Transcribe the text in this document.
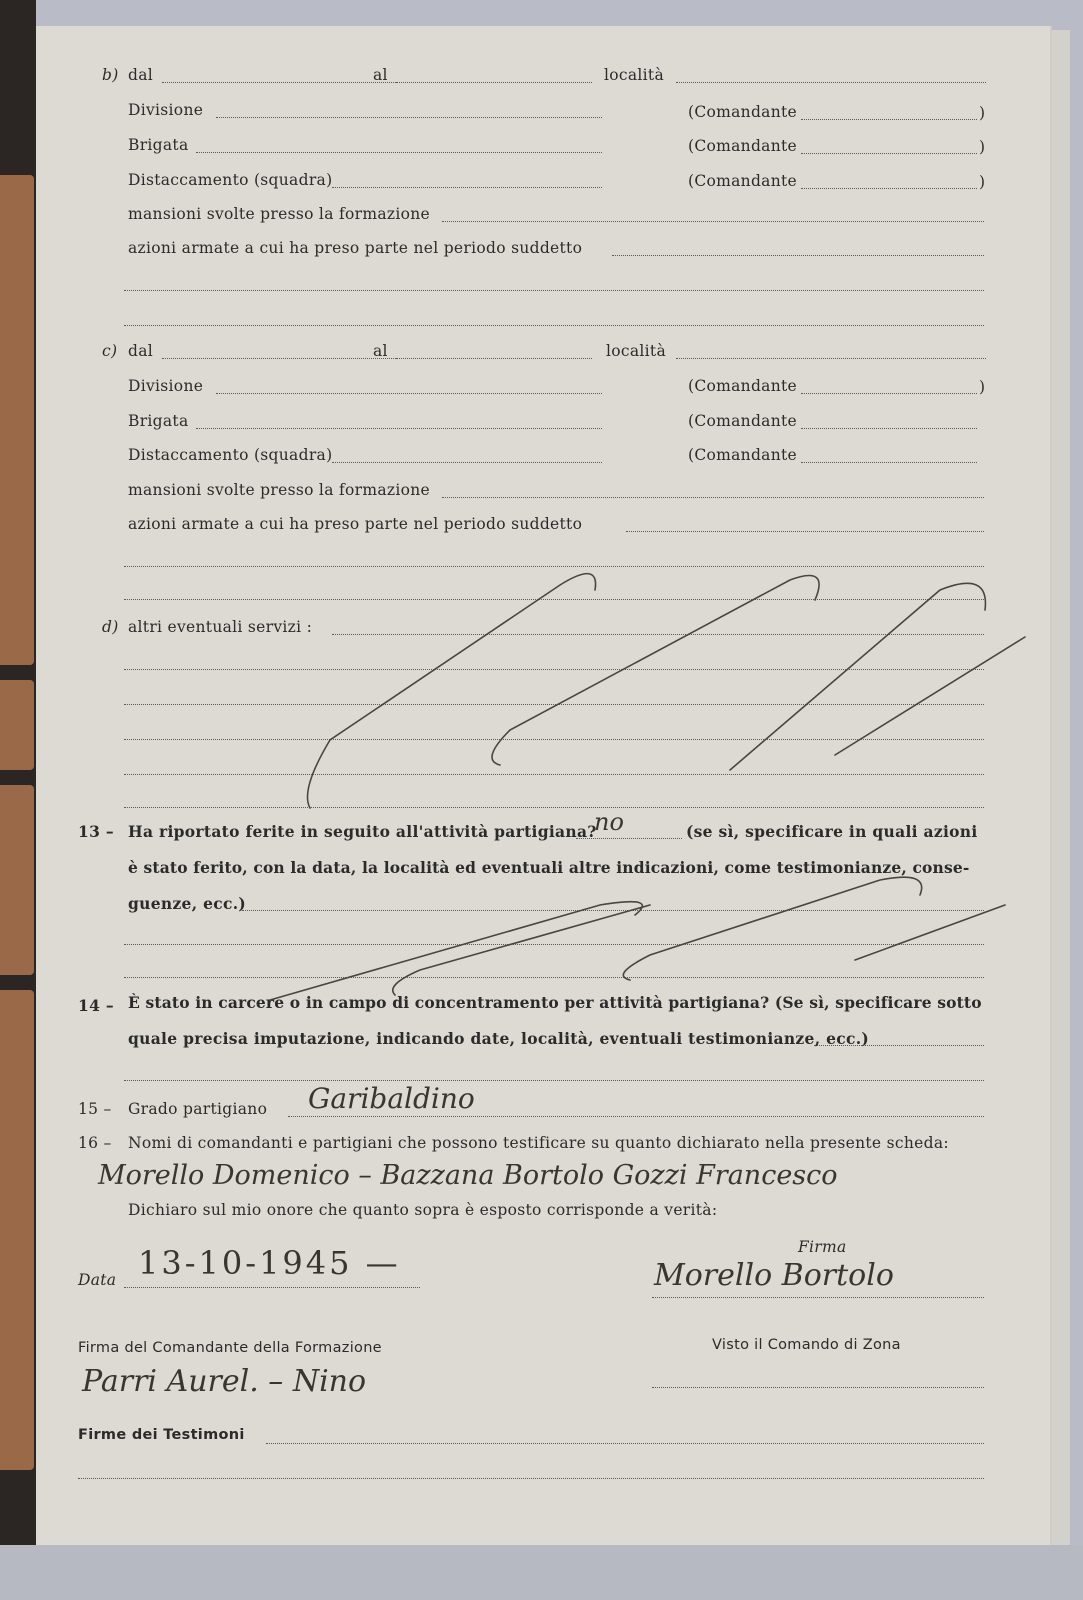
b) dal	al	località
Divisione	(Comandante	)
Brigata	(Comandante	)
Distaccamento (squadra)	(Comandante	)
mansioni svolte presso la formazione
azioni armate a cui ha preso parte nel periodo suddetto
c) dal	al	località
Divisione	(Comandante	)
Brigata	(Comandante
Distaccamento (squadra)	(Comandante
mansioni svolte presso la formazione
azioni armate a cui ha preso parte nel periodo suddetto
d) altri eventuali servizi :
13 – Ha riportato ferite in seguito all'attività partigiana?
no	(se sì, specificare in quali azioni
è stato ferito, con la data, la località ed eventuali altre indicazioni, come testimonianze, conse-
guenze, ecc.)
14 – È stato in carcere o in campo di concentramento per attività partigiana? (Se sì, specificare sotto
quale precisa imputazione, indicando date, località, eventuali testimonianze, ecc.)
15 – Grado partigiano Garibaldino
16 – Nomi di comandanti e partigiani che possono testificare su quanto dichiarato nella presente scheda:
Morello Domenico – Bazzana Bortolo Gozzi Francesco
Dichiaro sul mio onore che quanto sopra è esposto corrisponde a verità:
Data 13-10-1945 —	Firma
Morello Bortolo
Firma del Comandante della Formazione
Parri Aurel. – Nino
Visto il Comando di Zona
Firme dei Testimoni
